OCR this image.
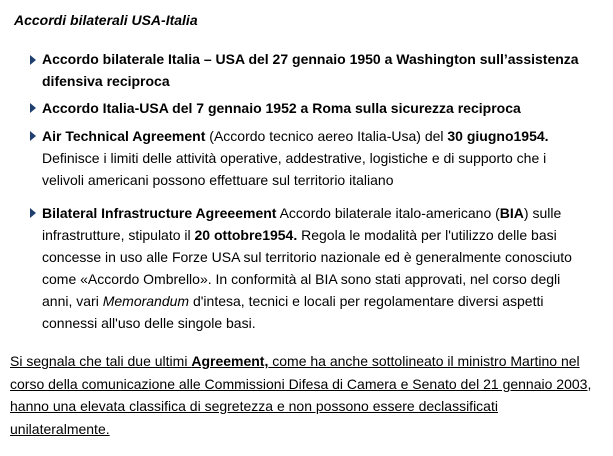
Accordi bilaterali USA-Italia
Accordo bilaterale Italia – USA del 27 gennaio 1950 a Washington sull’assistenza difensiva reciproca
Accordo Italia-USA del 7 gennaio 1952 a Roma sulla sicurezza reciproca
Air Technical Agreement (Accordo tecnico aereo Italia-Usa) del 30 giugno1954. Definisce i limiti delle attività operative, addestrative, logistiche e di supporto che i velivoli americani possono effettuare sul territorio italiano
Bilateral Infrastructure Agreeement Accordo bilaterale italo-americano (BIA) sulle infrastrutture, stipulato il 20 ottobre1954. Regola le modalità per l'utilizzo delle basi concesse in uso alle Forze USA sul territorio nazionale ed è generalmente conosciuto come «Accordo Ombrello». In conformità al BIA sono stati approvati, nel corso degli anni, vari Memorandum d'intesa, tecnici e locali per regolamentare diversi aspetti connessi all'uso delle singole basi.
Si segnala che tali due ultimi Agreement, come ha anche sottolineato il ministro Martino nel corso della comunicazione alle Commissioni Difesa di Camera e Senato del 21 gennaio 2003, hanno una elevata classifica di segretezza e non possono essere declassificati unilateralmente.
